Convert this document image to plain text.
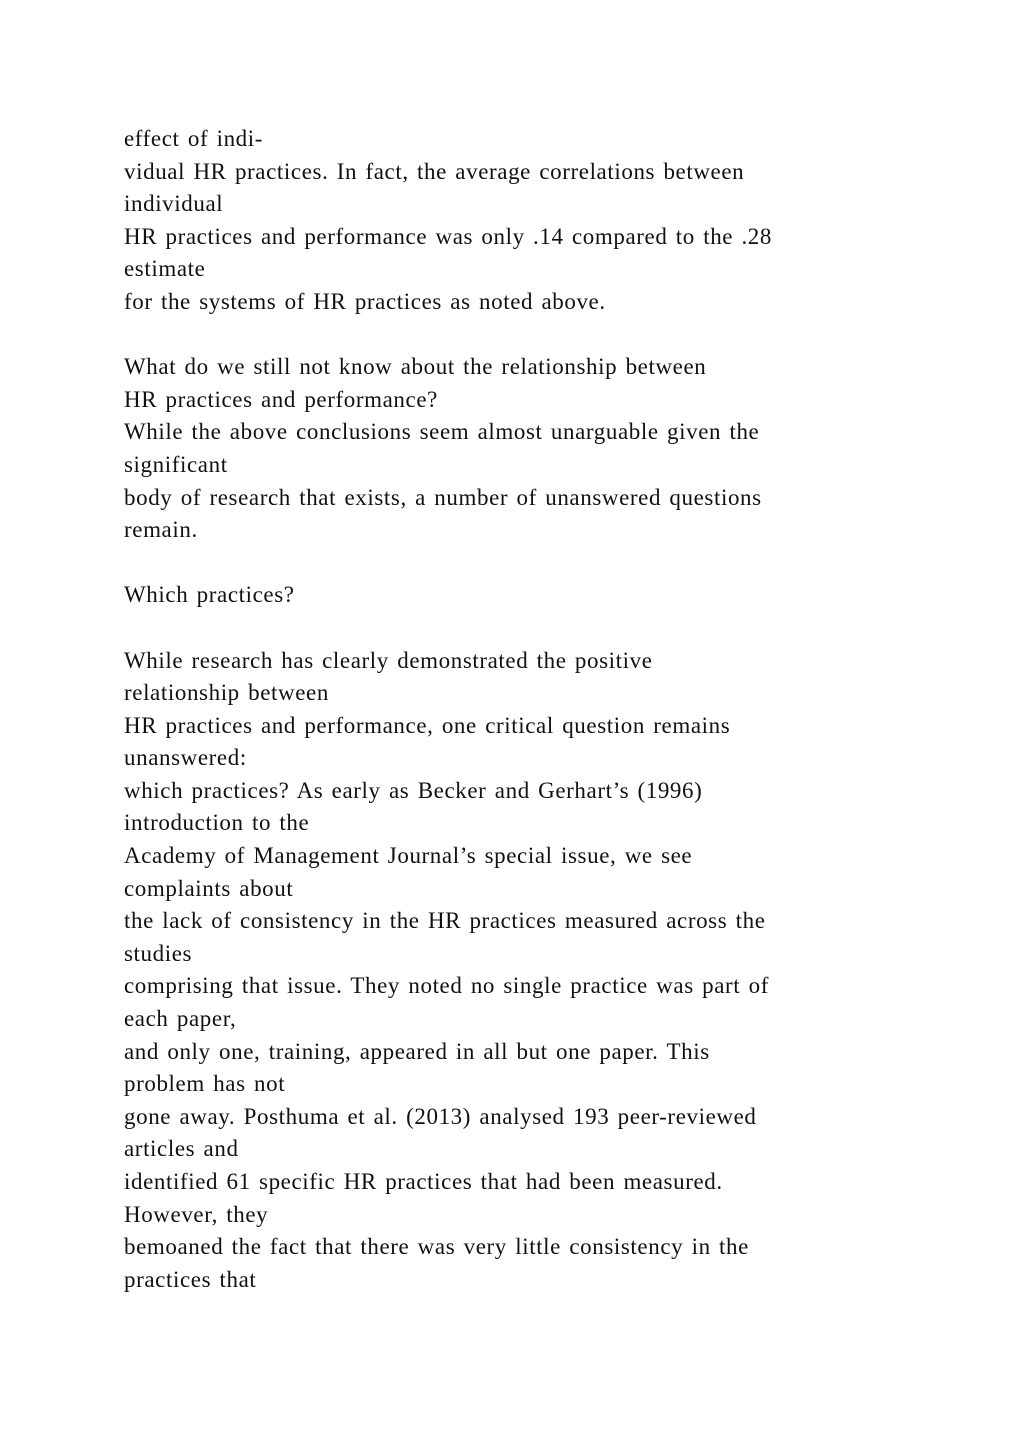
effect of indi-
vidual HR practices. In fact, the average correlations between
individual
HR practices and performance was only .14 compared to the .28
estimate
for the systems of HR practices as noted above.
What do we still not know about the relationship between
HR practices and performance?
While the above conclusions seem almost unarguable given the
significant
body of research that exists, a number of unanswered questions
remain.
Which practices?
While research has clearly demonstrated the positive
relationship between
HR practices and performance, one critical question remains
unanswered:
which practices? As early as Becker and Gerhart’s (1996)
introduction to the
Academy of Management Journal’s special issue, we see
complaints about
the lack of consistency in the HR practices measured across the
studies
comprising that issue. They noted no single practice was part of
each paper,
and only one, training, appeared in all but one paper. This
problem has not
gone away. Posthuma et al. (2013) analysed 193 peer-reviewed
articles and
identified 61 specific HR practices that had been measured.
However, they
bemoaned the fact that there was very little consistency in the
practices that
